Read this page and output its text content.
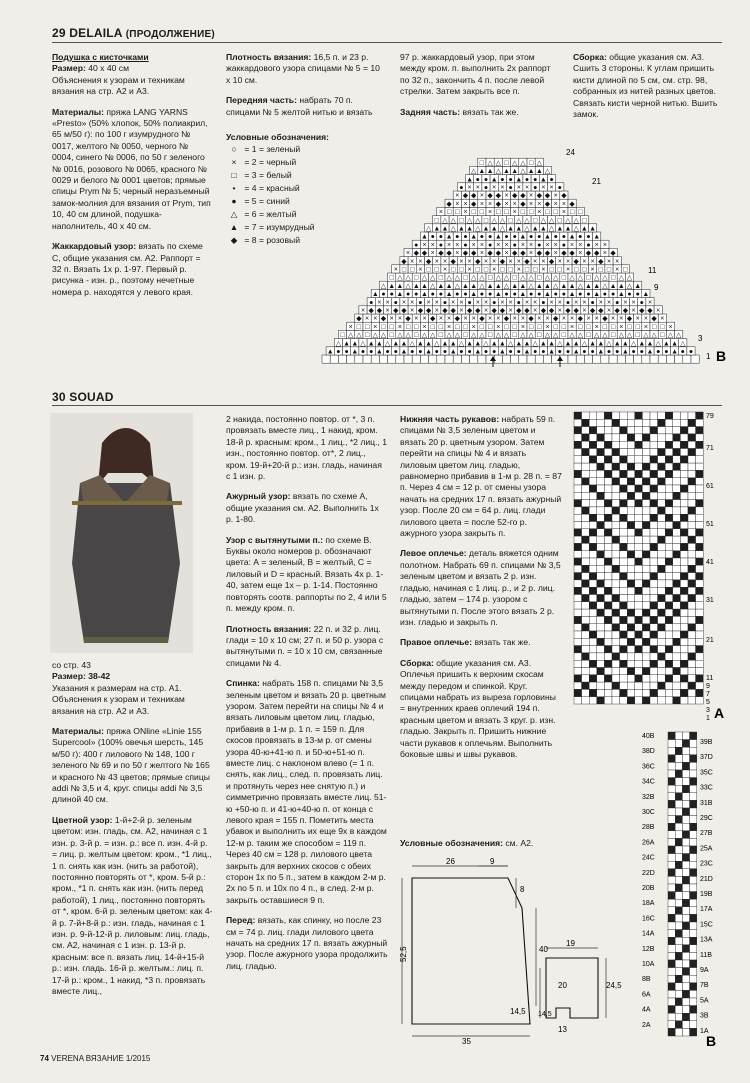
29 DELAILA (ПРОДОЛЖЕНИЕ)
Подушка с кисточками

Размер: 40 х 40 см
Объяснения к узорам и техникам вязания на стр. А2 и А3.

Материалы: пряжа LANG YARNS «Presto» (50% хлопок, 50% полиакрил, 65 м/50 г): по 100 г изумрудного № 0017, желтого № 0050, черного № 0004, синего № 0006, по 50 г зеленого № 0016, розового № 0065, красного № 0029 и белого № 0001 цветов; прямые спицы Prym № 5; черный неразъемный замок-молния для вязания от Prym, тип 10, 40 см длиной, подушка-наполнитель, 40 х 40 см.

Жаккардовый узор: вязать по схеме С, общие указания см. А2. Раппорт = 32 п. Вязать 1x р. 1-97. Первый р. рисунка - изн. р., поэтому нечетные номера р. находятся у левого края.

Плотность вязания: 16,5 п. и 23 р. жаккардового узора спицами № 5 = 10 х 10 см.

Передняя часть: набрать 70 п. спицами № 5 желтой нитью и вязать

Условные обозначения:
○ = 1 = зеленый
× = 2 = черный
□ = 3 = белый
• = 4 = красный
● = 5 = синий
△ = 6 = желтый
▲ = 7 = изумрудный
◆ = 8 = розовый

97 р. жаккардовый узор, при этом между кром. п. выполнить 2x раппорт по 32 п., закончить 4 п. после левой стрелки. Затем закрыть все п.

Задняя часть: вязать так же.

Сборка: общие указания см. А3. Сшить 3 стороны. К углам пришить кисти длиной по 5 см, см. стр. 98, собранных из нитей разных цветов. Связать кисти черной нитью. Вшить замок.

▲ ● ● ▲ ● ● ▲ ● ● ▲ ● ● ▲ ● ● ▲ ● ● ▲ ● ● ▲ ● ● ▲ ● ● ▲ ● ● ▲ ● ● ▲ ● ● ▲ ● ● ▲ ● ● ▲ ● ●
△ ▲ ▲ △ ▲ ▲ △ ▲ ▲ △ ▲ ▲ △ ▲ ▲ △ ▲ ▲ △ ▲ ▲ △ ▲ ▲ △ ▲ ▲ △ ▲ ▲ △ ▲ ▲ △ ▲ ▲ △ ▲ ▲ △ ▲ ▲ △
□ △ △ □ △ △ □ △ △ □ △ △ □ △ △ □ △ △ □ △ △ □ △ △ □ △ △ □ △ △ □ △ △ □ △ △ □ △ △ □ △ △
× □ □ × □ □ × □ □ × □ □ × □ □ × □ □ × □ □ × □ □ × □ □ × □ □ × □ □ × □ □ × □ □ ×
◆ × × ◆ × × ◆ × × ◆ × × ◆ × × ◆ × × ◆ × × ◆ × × ◆ × × ◆ × × ◆ × × ◆ × × ◆ ×
× ◆ ◆ × ◆ ◆ × ◆ ◆ × ◆ ◆ × ◆ ◆ × ◆ ◆ × ◆ ◆ × ◆ ◆ × ◆ ◆ × ◆ ◆ × ◆ ◆ × ◆ ◆ ×
● × × ● × × ● × × ● × × ● × × ● × × ● × × ● × × ● × × ● × × ● × × ● ×
▲ ● ● ▲ ● ● ▲ ● ● ▲ ● ● ▲ ● ● ▲ ● ● ▲ ● ● ▲ ● ● ▲ ● ● ▲ ● ● ▲ ● ● ▲
△ ▲ ▲ △ ▲ ▲ △ ▲ ▲ △ ▲ ▲ △ ▲ ▲ △ ▲ ▲ △ ▲ ▲ △ ▲ ▲ △ ▲ ▲ △ ▲ ▲ △ ▲
□ △ △ □ △ △ □ △ △ □ △ △ □ △ △ □ △ △ □ △ △ □ △ △ □ △ △ □ △ △
× □ □ × □ □ × □ □ × □ □ × □ □ × □ □ × □ □ × □ □ × □ □ × □
◆ × × ◆ × × ◆ × × ◆ × × ◆ × × ◆ × × ◆ × × ◆ × × ◆ × ×
× ◆ ◆ × ◆ ◆ × ◆ ◆ × ◆ ◆ × ◆ ◆ × ◆ ◆ × ◆ ◆ × ◆ ◆ × ◆
● × × ● × × ● × × ● × × ● × × ● × × ● × × ● × ×
▲ ● ● ▲ ● ● ▲ ● ● ▲ ● ● ▲ ● ● ▲ ● ● ▲ ● ● ▲
△ ▲ ▲ △ ▲ ▲ △ ▲ ▲ △ ▲ ▲ △ ▲ ▲ △ ▲ ▲ △ ▲ ▲
□ △ △ □ △ △ □ △ △ □ △ △ □ △ △ □ △ △ □
× □ □ × □ □ × □ □ × □ □ × □ □ × □ □
◆ × × ◆ × × ◆ × × ◆ × × ◆ × × ◆
× ◆ ◆ × ◆ ◆ × ◆ ◆ × ◆ ◆ × ◆
● × × ● × × ● × × ● × × ●
▲ ● ● ▲ ● ● ▲ ● ● ▲ ●
△ ▲ ▲ △ ▲ ▲ △ ▲ ▲ △
□ △ △ □ △ △ □ △
24
21
11
9
3
1 B
30 SOUAD
со стр. 43
Размер: 38-42

Указания к размерам на стр. А1. Объяснения к узорам и техникам вязания на стр. А2 и А3.

Материалы: пряжа ONline «Linie 155 Supercool» (100% овечья шерсть, 145 м/50 г): 400 г лилового № 148, 100 г зеленого № 69 и по 50 г желтого № 165 и красного № 43 цветов; прямые спицы addi № 3,5 и 4, круг. спицы addi № 3,5 длиной 40 см.

Цветной узор: 1-й+2-й р. зеленым цветом: изн. гладь, см. А2, начиная с 1 изн. р. 3-й р. = изн. р.: все п. изн. 4-й р. = лиц. р. желтым цветом: кром., *1 лиц., 1 п. снять как изн. (нить за работой), постоянно повторять от *, кром. 5-й р.: кром., *1 п. снять как изн. (нить перед работой), 1 лиц., постоянно повторять от *, кром. 6-й р. зеленым цветом: как 4-й р. 7-й+8-й р.: изн. гладь, начиная с 1 изн. р. 9-й-12-й р. лиловым: лиц. гладь, см. А2, начиная с 1 изн. р. 13-й р. красным: все п. вязать лиц. 14-й+15-й р.: изн. гладь. 16-й р. желтым.: лиц. п. 17-й р.: кром., 1 накид, *3 п. провязать вместе лиц.,

2 накида, постоянно повтор. от *, 3 п. провязать вместе лиц., 1 накид, кром. 18-й р. красным: кром., 1 лиц., *2 лиц., 1 изн., постоянно повтор. от*, 2 лиц., кром. 19-й+20-й р.: изн. гладь, начиная с 1 изн. р.

Ажурный узор: вязать по схеме А, общие указания см. А2. Выполнить 1x р. 1-80.

Узор с вытянутыми п.: по схеме В. Буквы около номеров р. обозначают цвета: А = зеленый, В = желтый, С = лиловый и D = красный. Вязать 4x р. 1-40, затем еще 1x – р. 1-14. Постоянно повторять соотв. раппорты по 2, 4 или 5 п. между кром. п.

Плотность вязания: 22 п. и 32 р. лиц. глади = 10 х 10 см; 27 п. и 50 р. узора с вытянутыми п. = 10 х 10 см, связанные спицами № 4.

Спинка: набрать 158 п. спицами № 3,5 зеленым цветом и вязать 20 р. цветным узором. Затем перейти на спицы № 4 и вязать лиловым цветом лиц. гладью, прибавив в 1-м р. 1 п. = 159 п. Для скосов провязать в 13-м р. от смены узора 40-ю+41-ю п. и 50-ю+51-ю п. вместе лиц. с наклоном влево (= 1 п. снять, как лиц., след. п. провязать лиц. и протянуть через нее снятую п.) и симметрично провязать вместе лиц. 51-ю +50-ю п. и 41-ю+40-ю п. от конца с левого края = 155 п. Пометить места убавок и выполнить их еще 9x в каждом 12-м р. таким же способом = 119 п. Через 40 см = 128 р. лилового цвета закрыть для верхних скосов с обеих сторон 1x по 5 п., затем в каждом 2-м р. 2x по 5 п. и 10x по 4 п., в след. 2-м р. закрыть оставшиеся 9 п.

Перед: вязать, как спинку, но после 23 см = 74 р. лиц. глади лилового цвета начать на средних 17 п. вязать ажурный узор. После ажурного узора продолжить лиц. гладью.

Нижняя часть рукавов: набрать 59 п. спицами № 3,5 зеленым цветом и вязать 20 р. цветным узором. Затем перейти на спицы № 4 и вязать лиловым цветом лиц. гладью, равномерно прибавив в 1-м р. 28 п. = 87 п. Через 4 см = 12 р. от смены узора начать на средних 17 п. вязать ажурный узор. После 20 см = 64 р. лиц. глади лилового цвета = после 52-го р. ажурного узора закрыть п.

Левое оплечье: деталь вяжется одним полотном. Набрать 69 п. спицами № 3,5 зеленым цветом и вязать 2 р. изн. гладью, начиная с 1 лиц. р., и 2 р. лиц. гладью, затем – 174 р. узором с вытянутыми п. После этого вязать 2 р. изн. гладью и закрыть п.

Правое оплечье: вязать так же.

Сборка: общие указания см. А3. Оплечья пришить к верхним скосам между передом и спинкой. Круг. спицами набрать из выреза горловины = внутренних краев оплечий 194 п. красным цветом и вязать 3 круг. р. изн. гладью. Закрыть п. Пришить нижние части рукавов к оплечьям. Выполнить боковые швы и швы рукавов.

Условные обозначения: см. А2.
26	9
8
52,5	40
14,5
35
19
20	24,5
14,5
13
79
71
61
51
41
31
21
11
9
7
5
3
1 A
40B
38D
36C
34C
32B
30C
28B
26A
24C
22D
20B
18A
16C
14A
12B
10A
8B
6A
4A
2A
39B
37D
35C
33C
31B
29C
27B
25A
23C
21D
19B
17A
15C
13A
11B
9A
7B
5A
3B
1A
B
74 VERENA ВЯЗАНИЕ 1/2015
